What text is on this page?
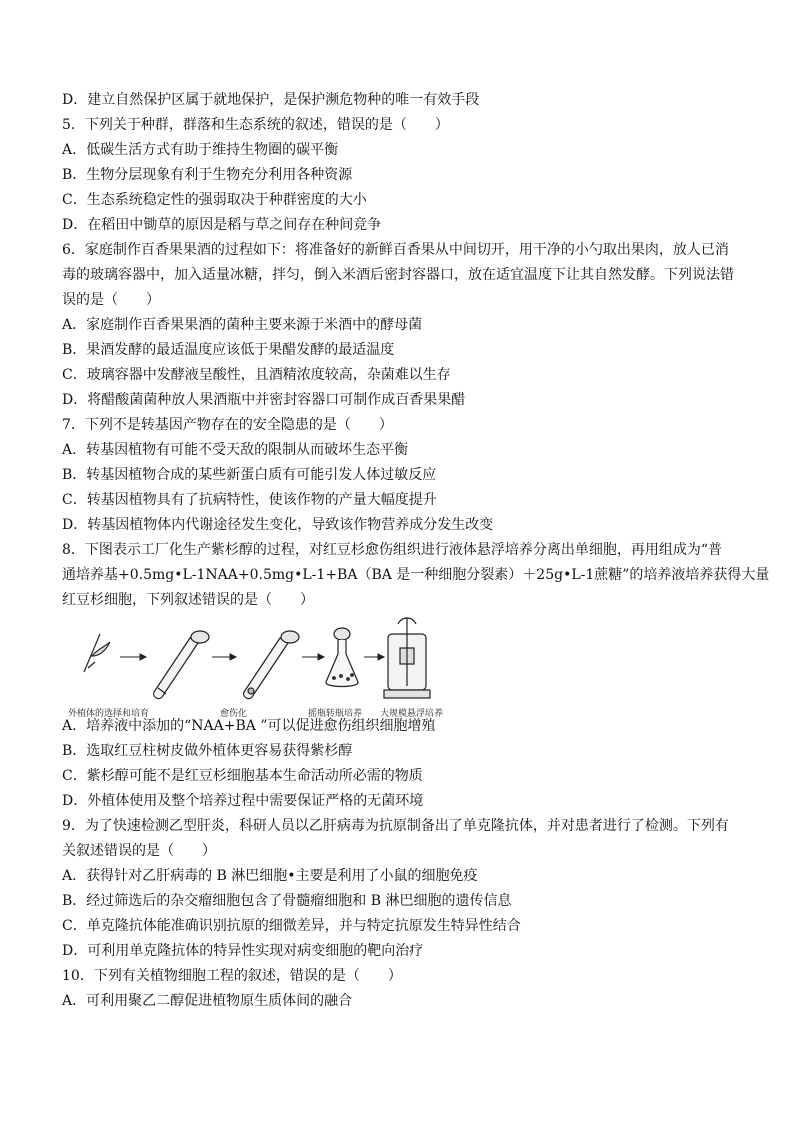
D．建立自然保护区属于就地保护，是保护濒危物种的唯一有效手段
5．下列关于种群，群落和生态系统的叙述，错误的是（　　）
A．低碳生活方式有助于维持生物圈的碳平衡
B．生物分层现象有利于生物充分利用各种资源
C．生态系统稳定性的强弱取决于种群密度的大小
D．在稻田中锄草的原因是稻与草之间存在种间竞争
6．家庭制作百香果果酒的过程如下：将准备好的新鲜百香果从中间切开，用干净的小勺取出果肉，放人已消
毒的玻璃容器中，加入适量冰糖，拌匀，倒入米酒后密封容器口，放在适宜温度下让其自然发酵。下列说法错
误的是（　　）
A．家庭制作百香果果酒的菌种主要来源于米酒中的酵母菌
B．果酒发酵的最适温度应该低于果醋发酵的最适温度
C．玻璃容器中发酵液呈酸性，且酒精浓度较高，杂菌难以生存
D．将醋酸菌菌种放人果酒瓶中并密封容器口可制作成百香果果醋
7．下列不是转基因产物存在的安全隐患的是（　　）
A．转基因植物有可能不受天敌的限制从而破坏生态平衡
B．转基因植物合成的某些新蛋白质有可能引发人体过敏反应
C．转基因植物具有了抗病特性，使该作物的产量大幅度提升
D．转基因植物体内代谢途径发生变化，导致该作物营养成分发生改变
8．下图表示工厂化生产紫杉醇的过程，对红豆杉愈伤组织进行液体悬浮培养分离出单细胞，再用组成为“普
通培养基+0.5mg•L-1NAA+0.5mg•L-1+BA（BA 是一种细胞分裂素）＋25g•L-1蔗糖”的培养液培养获得大量
红豆杉细胞，下列叙述错误的是（　　）
外植体的选择和培育	愈伤化	摇瓶转瓶培养 大规模悬浮培养
A．培养液中添加的“NAA+BA ”可以促进愈伤组织细胞增殖
B．选取红豆柱树皮做外植体更容易获得紫杉醇
C．紫杉醇可能不是红豆杉细胞基本生命活动所必需的物质
D．外植体使用及整个培养过程中需要保证严格的无菌环境
9．为了快速检测乙型肝炎，科研人员以乙肝病毒为抗原制备出了单克隆抗体，并对患者进行了检测。下列有
关叙述错误的是（　　）
A．获得针对乙肝病毒的 B 淋巴细胞•主要是利用了小鼠的细胞免疫
B．经过筛选后的杂交瘤细胞包含了骨髓瘤细胞和 B 淋巴细胞的遗传信息
C．单克隆抗体能准确识别抗原的细微差异，并与特定抗原发生特异性结合
D．可利用单克隆抗体的特异性实现对病变细胞的靶向治疗
10．下列有关植物细胞工程的叙述，错误的是（　　）
A．可利用聚乙二醇促进植物原生质体间的融合
